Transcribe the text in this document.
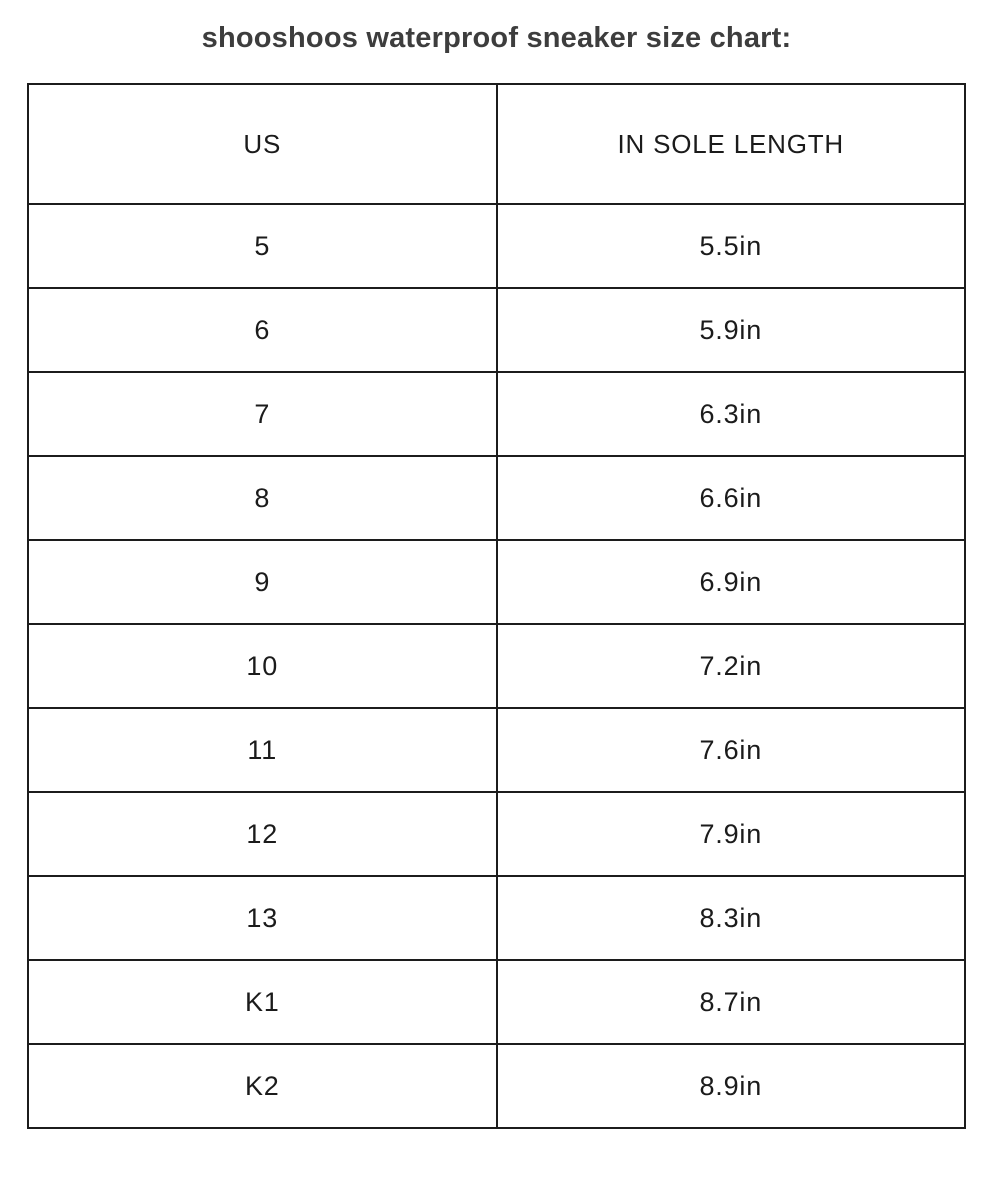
shooshoos waterproof sneaker size chart:
US	IN SOLE LENGTH
5	5.5in
6	5.9in
7	6.3in
8	6.6in
9	6.9in
10	7.2in
11	7.6in
12	7.9in
13	8.3in
K1	8.7in
K2	8.9in
